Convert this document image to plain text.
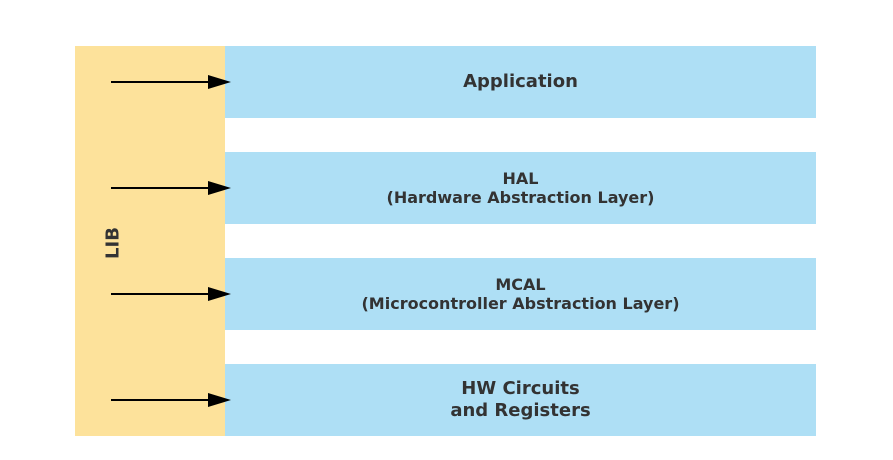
LIB
Application
HAL
(Hardware Abstraction Layer)
MCAL
(Microcontroller Abstraction Layer)
HW Circuits
and Registers
